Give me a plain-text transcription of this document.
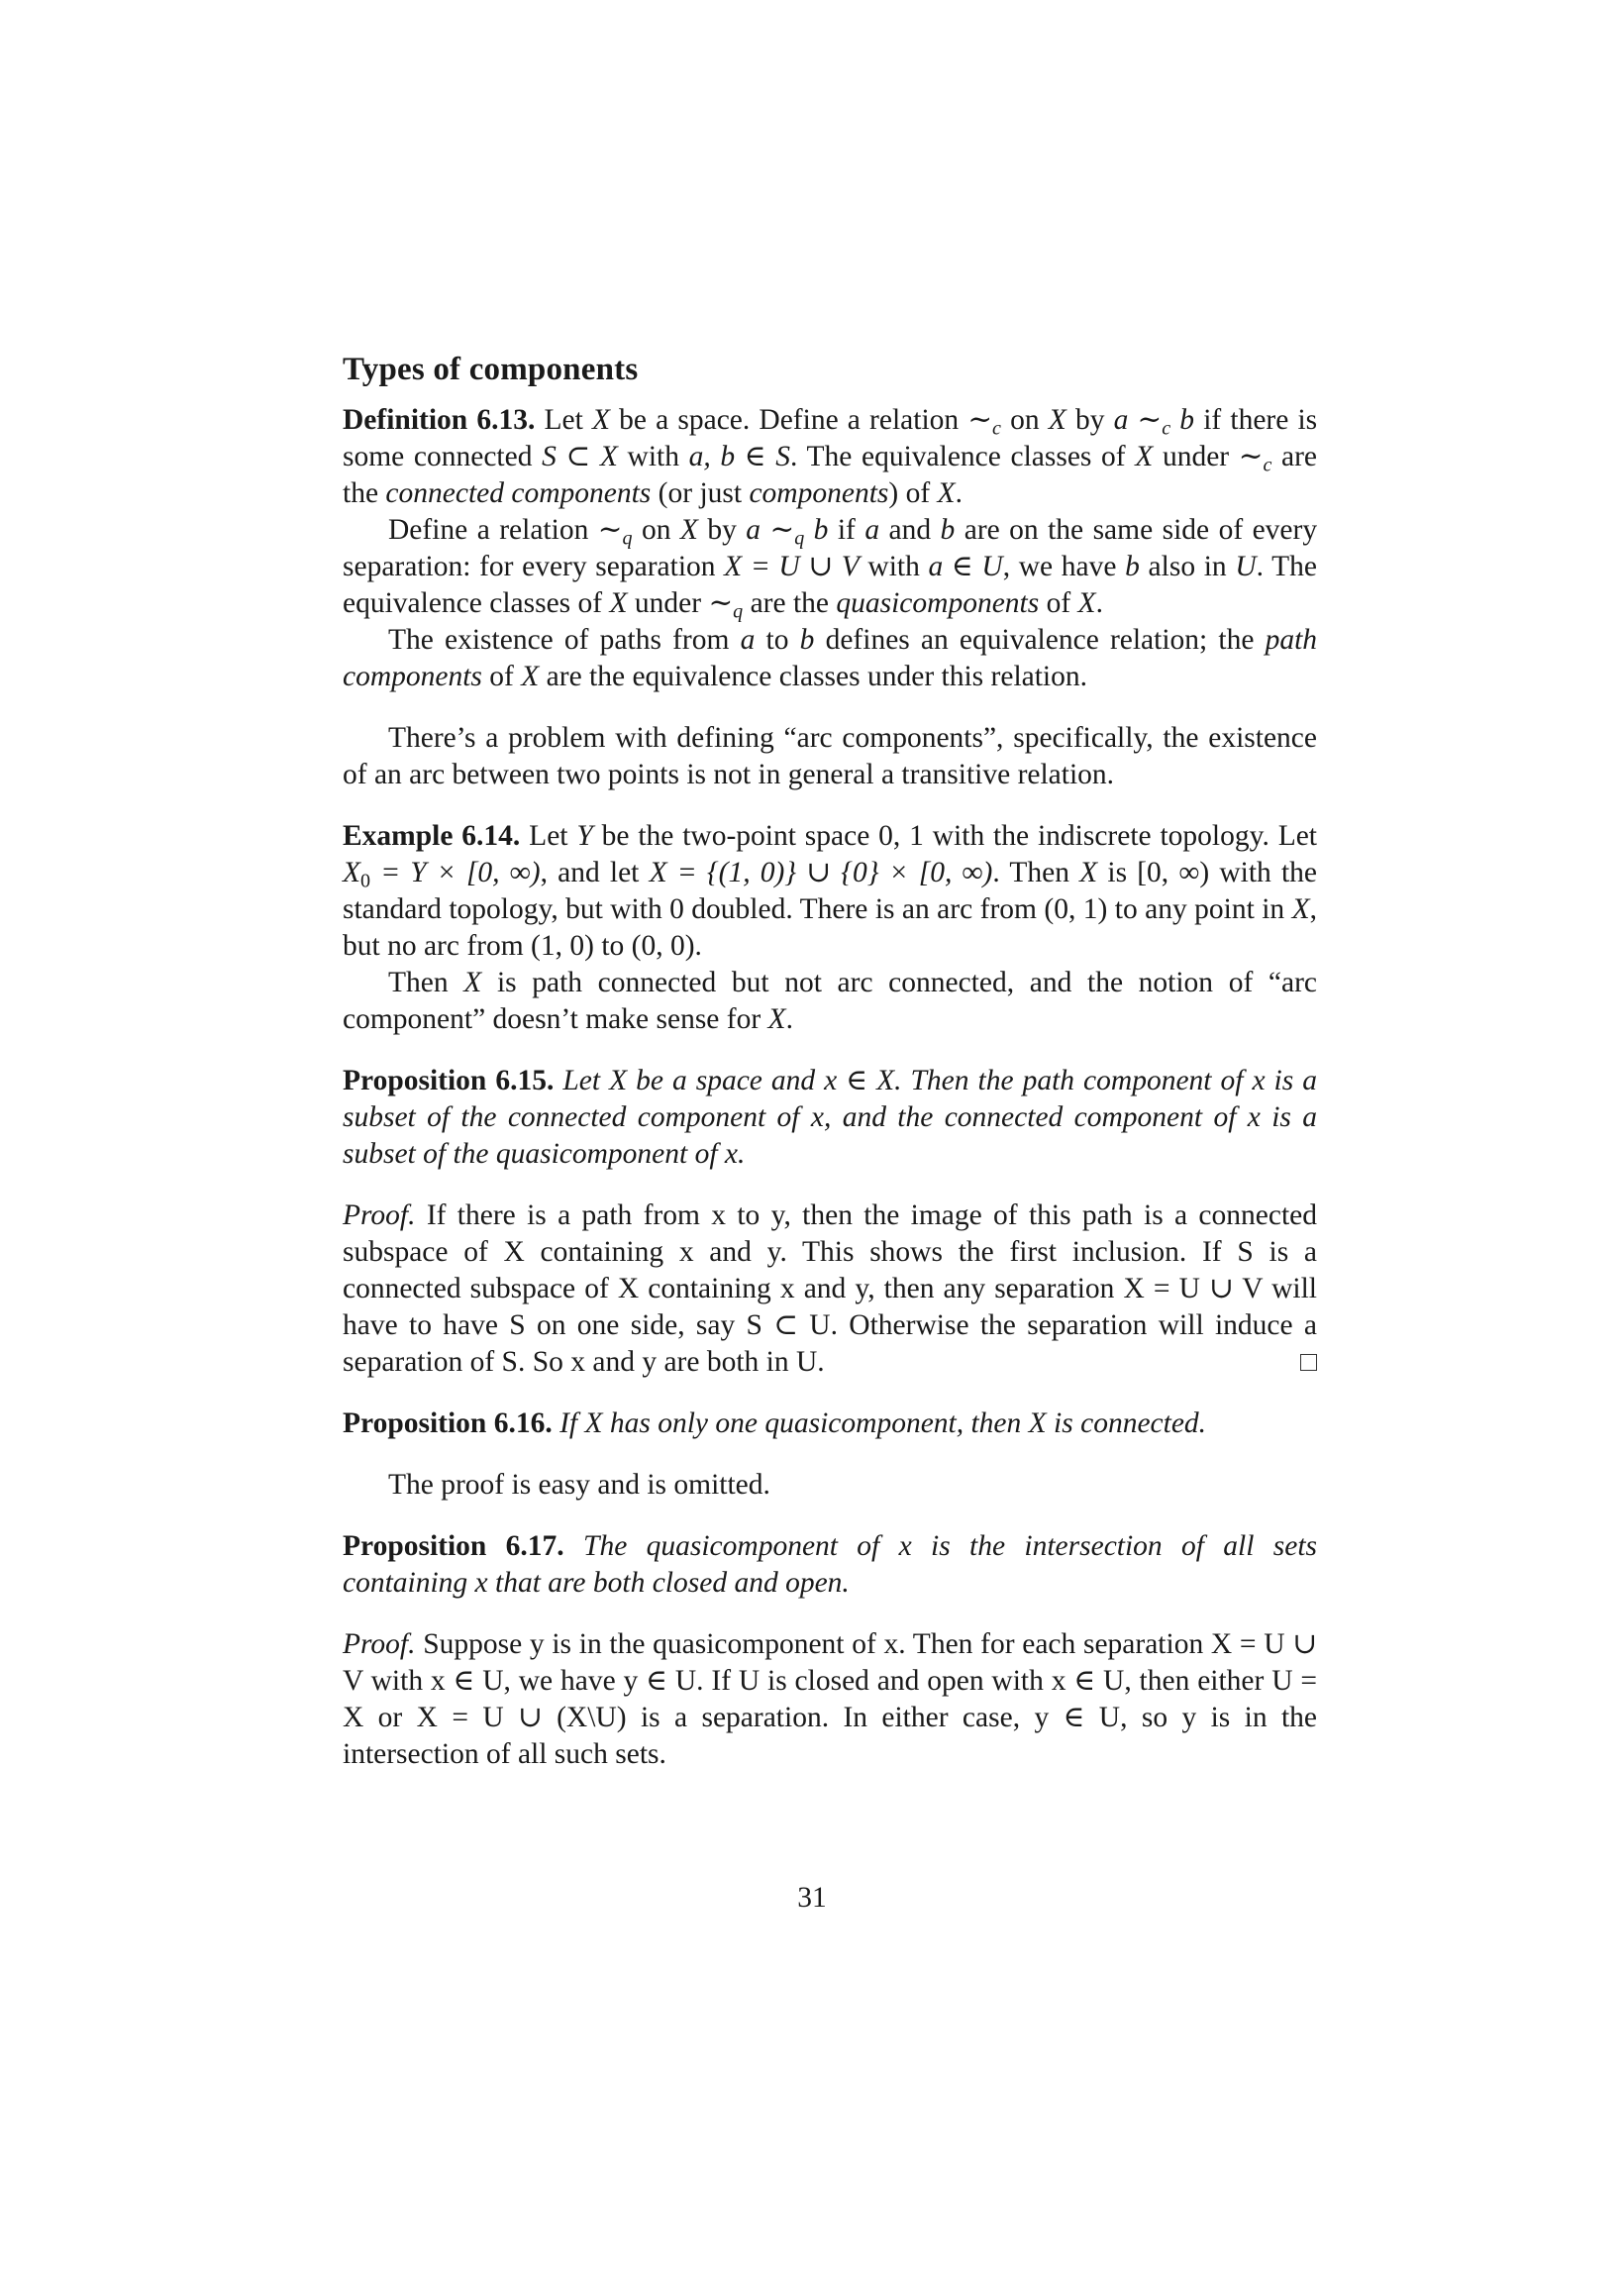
Types of components

Definition 6.13. Let X be a space. Define a relation $\sim_c$ on X by a $\sim_c$ b if there is some connected S ⊂ X with a, b ∈ S. The equivalence classes of X under $\sim_c$ are the connected components (or just components) of X.

Define a relation $\sim_q$ on X by a $\sim_q$ b if a and b are on the same side of every separation: for every separation X = U ∪ V with a ∈ U, we have b also in U. The equivalence classes of X under $\sim_q$ are the quasicomponents of X.

The existence of paths from a to b defines an equivalence relation; the path components of X are the equivalence classes under this relation.

There’s a problem with defining “arc components”, specifically, the existence of an arc between two points is not in general a transitive relation.

Example 6.14. Let Y be the two-point space 0, 1 with the indiscrete topology. Let $X_0 = Y \times [0$, ∞), and let X = {(1, 0)} ∪ {0} × [0, ∞). Then X is [0, ∞) with the standard topology, but with 0 doubled. There is an arc from (0, 1) to any point in X, but no arc from (1, 0) to (0, 0).

Then X is path connected but not arc connected, and the notion of “arc component” doesn’t make sense for X.

Proposition 6.15. Let X be a space and x ∈ X. Then the path component of x is a subset of the connected component of x, and the connected component of x is a subset of the quasicomponent of x.

Proof. If there is a path from x to y, then the image of this path is a connected subspace of X containing x and y. This shows the first inclusion. If S is a connected subspace of X containing x and y, then any separation X = U ∪ V will have to have S on one side, say S ⊂ U. Otherwise the separation will induce a separation of S. So x and y are both in U.

Proposition 6.16. If X has only one quasicomponent, then X is connected.

The proof is easy and is omitted.

Proposition 6.17. The quasicomponent of x is the intersection of all sets containing x that are both closed and open.

Proof. Suppose y is in the quasicomponent of x. Then for each separation X = U ∪ V with x ∈ U, we have y ∈ U. If U is closed and open with x ∈ U, then either U = X or X = U ∪ (X\U) is a separation. In either case, y ∈ U, so y is in the intersection of all such sets.

31
